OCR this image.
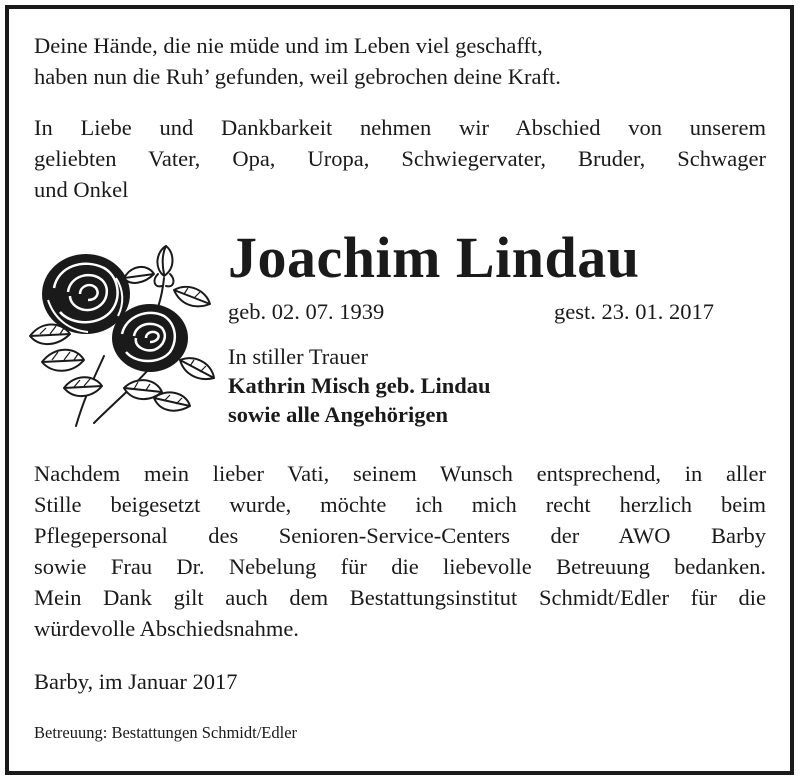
Deine Hände, die nie müde und im Leben viel geschafft,
haben nun die Ruh’ gefunden, weil gebrochen deine Kraft.
In Liebe und Dankbarkeit nehmen wir Abschied von unserem
geliebten Vater, Opa, Uropa, Schwiegervater, Bruder, Schwager
und Onkel
Joachim Lindau
geb. 02. 07. 1939	gest. 23. 01. 2017
In stiller Trauer
Kathrin Misch geb. Lindau
sowie alle Angehörigen
Nachdem mein lieber Vati, seinem Wunsch entsprechend, in aller
Stille beigesetzt wurde, möchte ich mich recht herzlich beim
Pflegepersonal des Senioren-Service-Centers der AWO Barby
sowie Frau Dr. Nebelung für die liebevolle Betreuung bedanken.
Mein Dank gilt auch dem Bestattungsinstitut Schmidt/Edler für die
würdevolle Abschiedsnahme.
Barby, im Januar 2017
Betreuung: Bestattungen Schmidt/Edler
